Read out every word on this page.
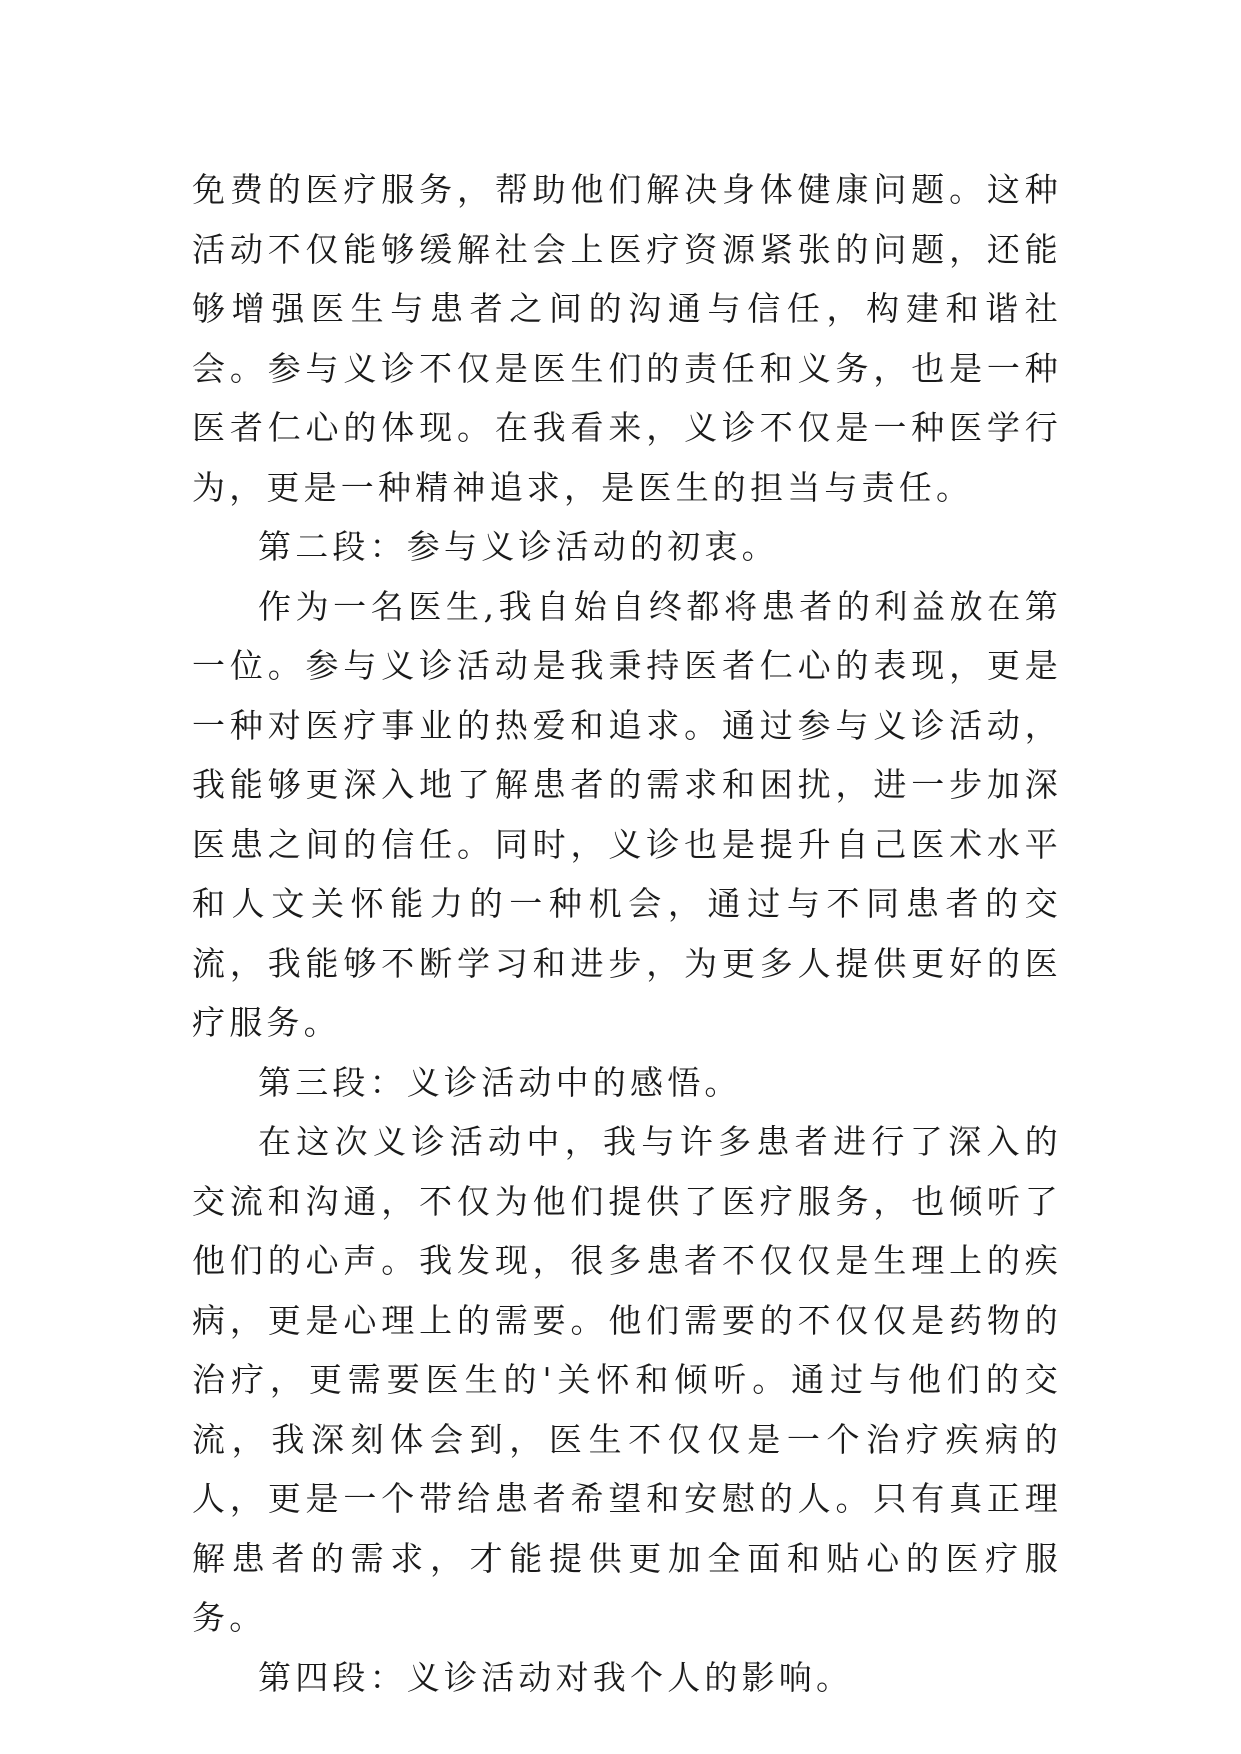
免费的医疗服务，帮助他们解决身体健康问题。这种活动不仅能够缓解社会上医疗资源紧张的问题，还能够增强医生与患者之间的沟通与信任，构建和谐社会。参与义诊不仅是医生们的责任和义务，也是一种医者仁心的体现。在我看来，义诊不仅是一种医学行为，更是一种精神追求，是医生的担当与责任。

第二段：参与义诊活动的初衷。

作为一名医生,我自始自终都将患者的利益放在第一位。参与义诊活动是我秉持医者仁心的表现，更是一种对医疗事业的热爱和追求。通过参与义诊活动，我能够更深入地了解患者的需求和困扰，进一步加深医患之间的信任。同时，义诊也是提升自己医术水平和人文关怀能力的一种机会，通过与不同患者的交流，我能够不断学习和进步，为更多人提供更好的医疗服务。

第三段：义诊活动中的感悟。

在这次义诊活动中，我与许多患者进行了深入的交流和沟通，不仅为他们提供了医疗服务，也倾听了他们的心声。我发现，很多患者不仅仅是生理上的疾病，更是心理上的需要。他们需要的不仅仅是药物的治疗，更需要医生的'关怀和倾听。通过与他们的交流，我深刻体会到，医生不仅仅是一个治疗疾病的人，更是一个带给患者希望和安慰的人。只有真正理解患者的需求，才能提供更加全面和贴心的医疗服务。

第四段：义诊活动对我个人的影响。
